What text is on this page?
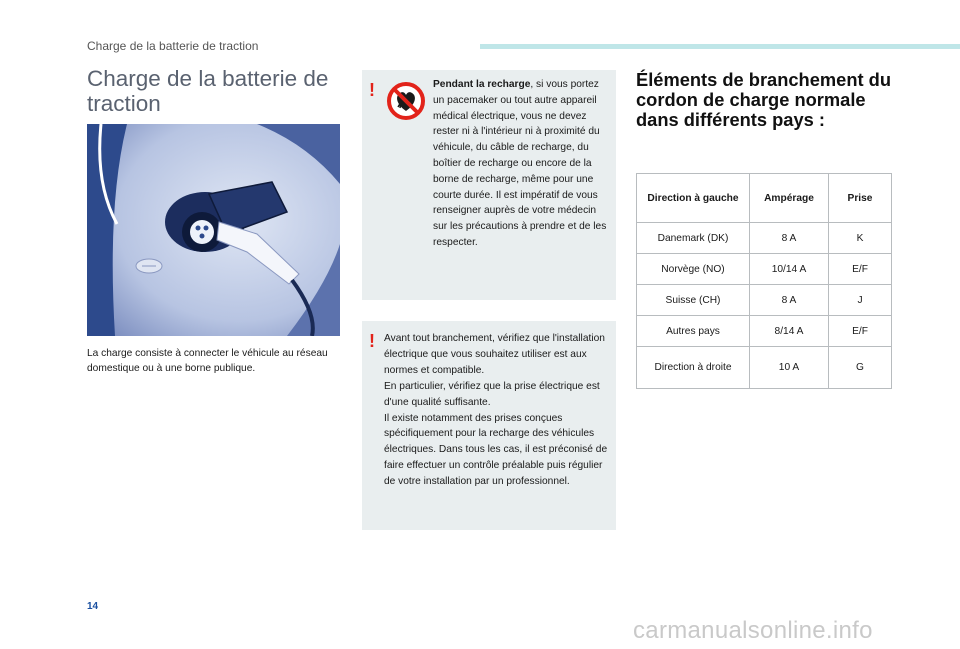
Charge de la batterie de traction
Charge de la batterie de traction
La charge consiste à connecter le véhicule au réseau domestique ou à une borne publique.
!	Pendant la recharge, si vous portez un pacemaker ou tout autre appareil médical électrique, vous ne devez rester ni à l'intérieur ni à proximité du véhicule, du câble de recharge, du boîtier de recharge ou encore de la borne de recharge, même pour une courte durée. Il est impératif de vous renseigner auprès de votre médecin sur les précautions à prendre et de les respecter.
! Avant tout branchement, vérifiez que l'installation électrique que vous souhaitez utiliser est aux normes et compatible.
En particulier, vérifiez que la prise électrique est d'une qualité suffisante.
Il existe notamment des prises conçues spécifiquement pour la recharge des véhicules électriques. Dans tous les cas, il est préconisé de faire effectuer un contrôle préalable puis régulier de votre installation par un professionnel.
Éléments de branchement du cordon de charge normale dans différents pays :
Direction à gauche	Ampérage	Prise
Danemark (DK)	8 A	K
Norvège (NO)	10/14 A	E/F
Suisse (CH)	8 A	J
Autres pays	8/14 A	E/F
Direction à droite	10 A	G
14
carmanualsonline.info
